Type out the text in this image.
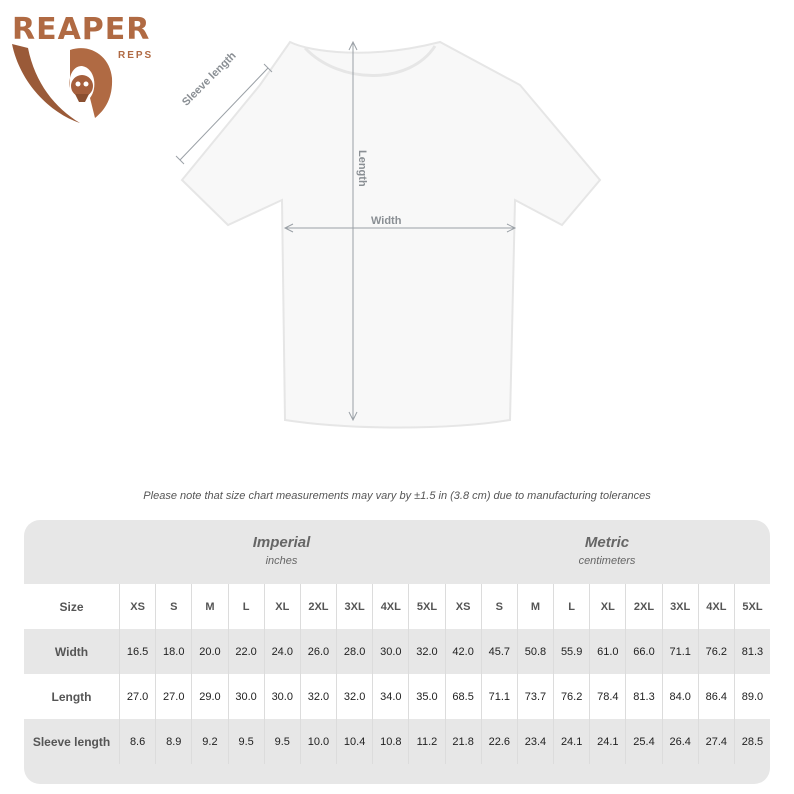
REAPER
REPS Sleeve length
Length
Width
Please note that size chart measurements may vary by ±1.5 in (3.8 cm) due to manufacturing tolerances
Imperial
inches
Metric
centimeters
Size	XS	S	M	L	XL	2XL	3XL	4XL	5XL	XS	S	M	L	XL	2XL	3XL	4XL	5XL
Width	16.5	18.0	20.0	22.0	24.0	26.0	28.0	30.0	32.0	42.0	45.7	50.8	55.9	61.0	66.0	71.1	76.2	81.3
Length	27.0	27.0	29.0	30.0	30.0	32.0	32.0	34.0	35.0	68.5	71.1	73.7	76.2	78.4	81.3	84.0	86.4	89.0
Sleeve length	8.6	8.9	9.2	9.5	9.5	10.0	10.4	10.8	11.2	21.8	22.6	23.4	24.1	24.1	25.4	26.4	27.4	28.5
